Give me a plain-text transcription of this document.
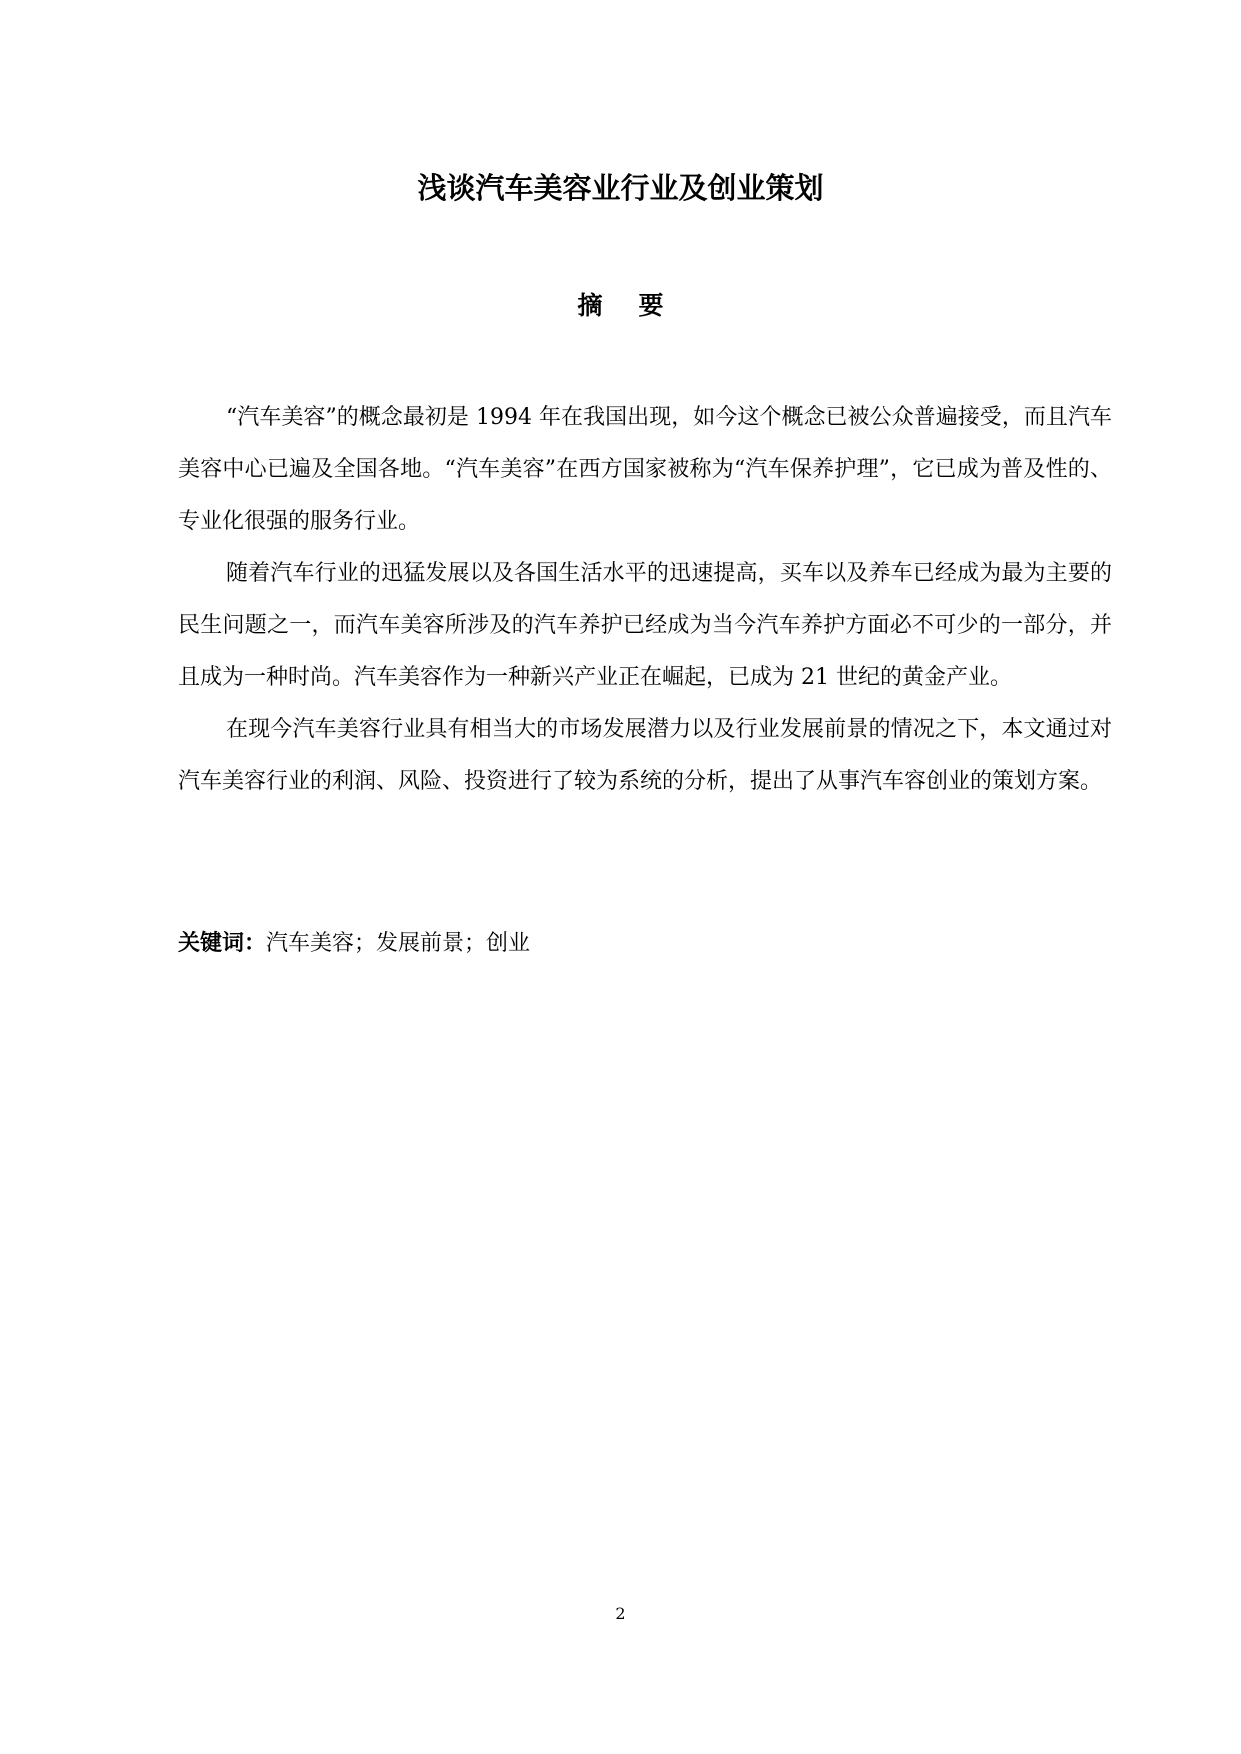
浅谈汽车美容业行业及创业策划
摘要

“汽车美容”的概念最初是 1994 年在我国出现，如今这个概念已被公众普遍接受，而且汽车美容中心已遍及全国各地。“汽车美容”在西方国家被称为“汽车保养护理”，它已成为普及性的、专业化很强的服务行业。

随着汽车行业的迅猛发展以及各国生活水平的迅速提高，买车以及养车已经成为最为主要的民生问题之一，而汽车美容所涉及的汽车养护已经成为当今汽车养护方面必不可少的一部分，并且成为一种时尚。汽车美容作为一种新兴产业正在崛起，已成为 21 世纪的黄金产业。

在现今汽车美容行业具有相当大的市场发展潜力以及行业发展前景的情况之下，本文通过对汽车美容行业的利润、风险、投资进行了较为系统的分析，提出了从事汽车容创业的策划方案。

关键词：汽车美容；发展前景；创业

2
